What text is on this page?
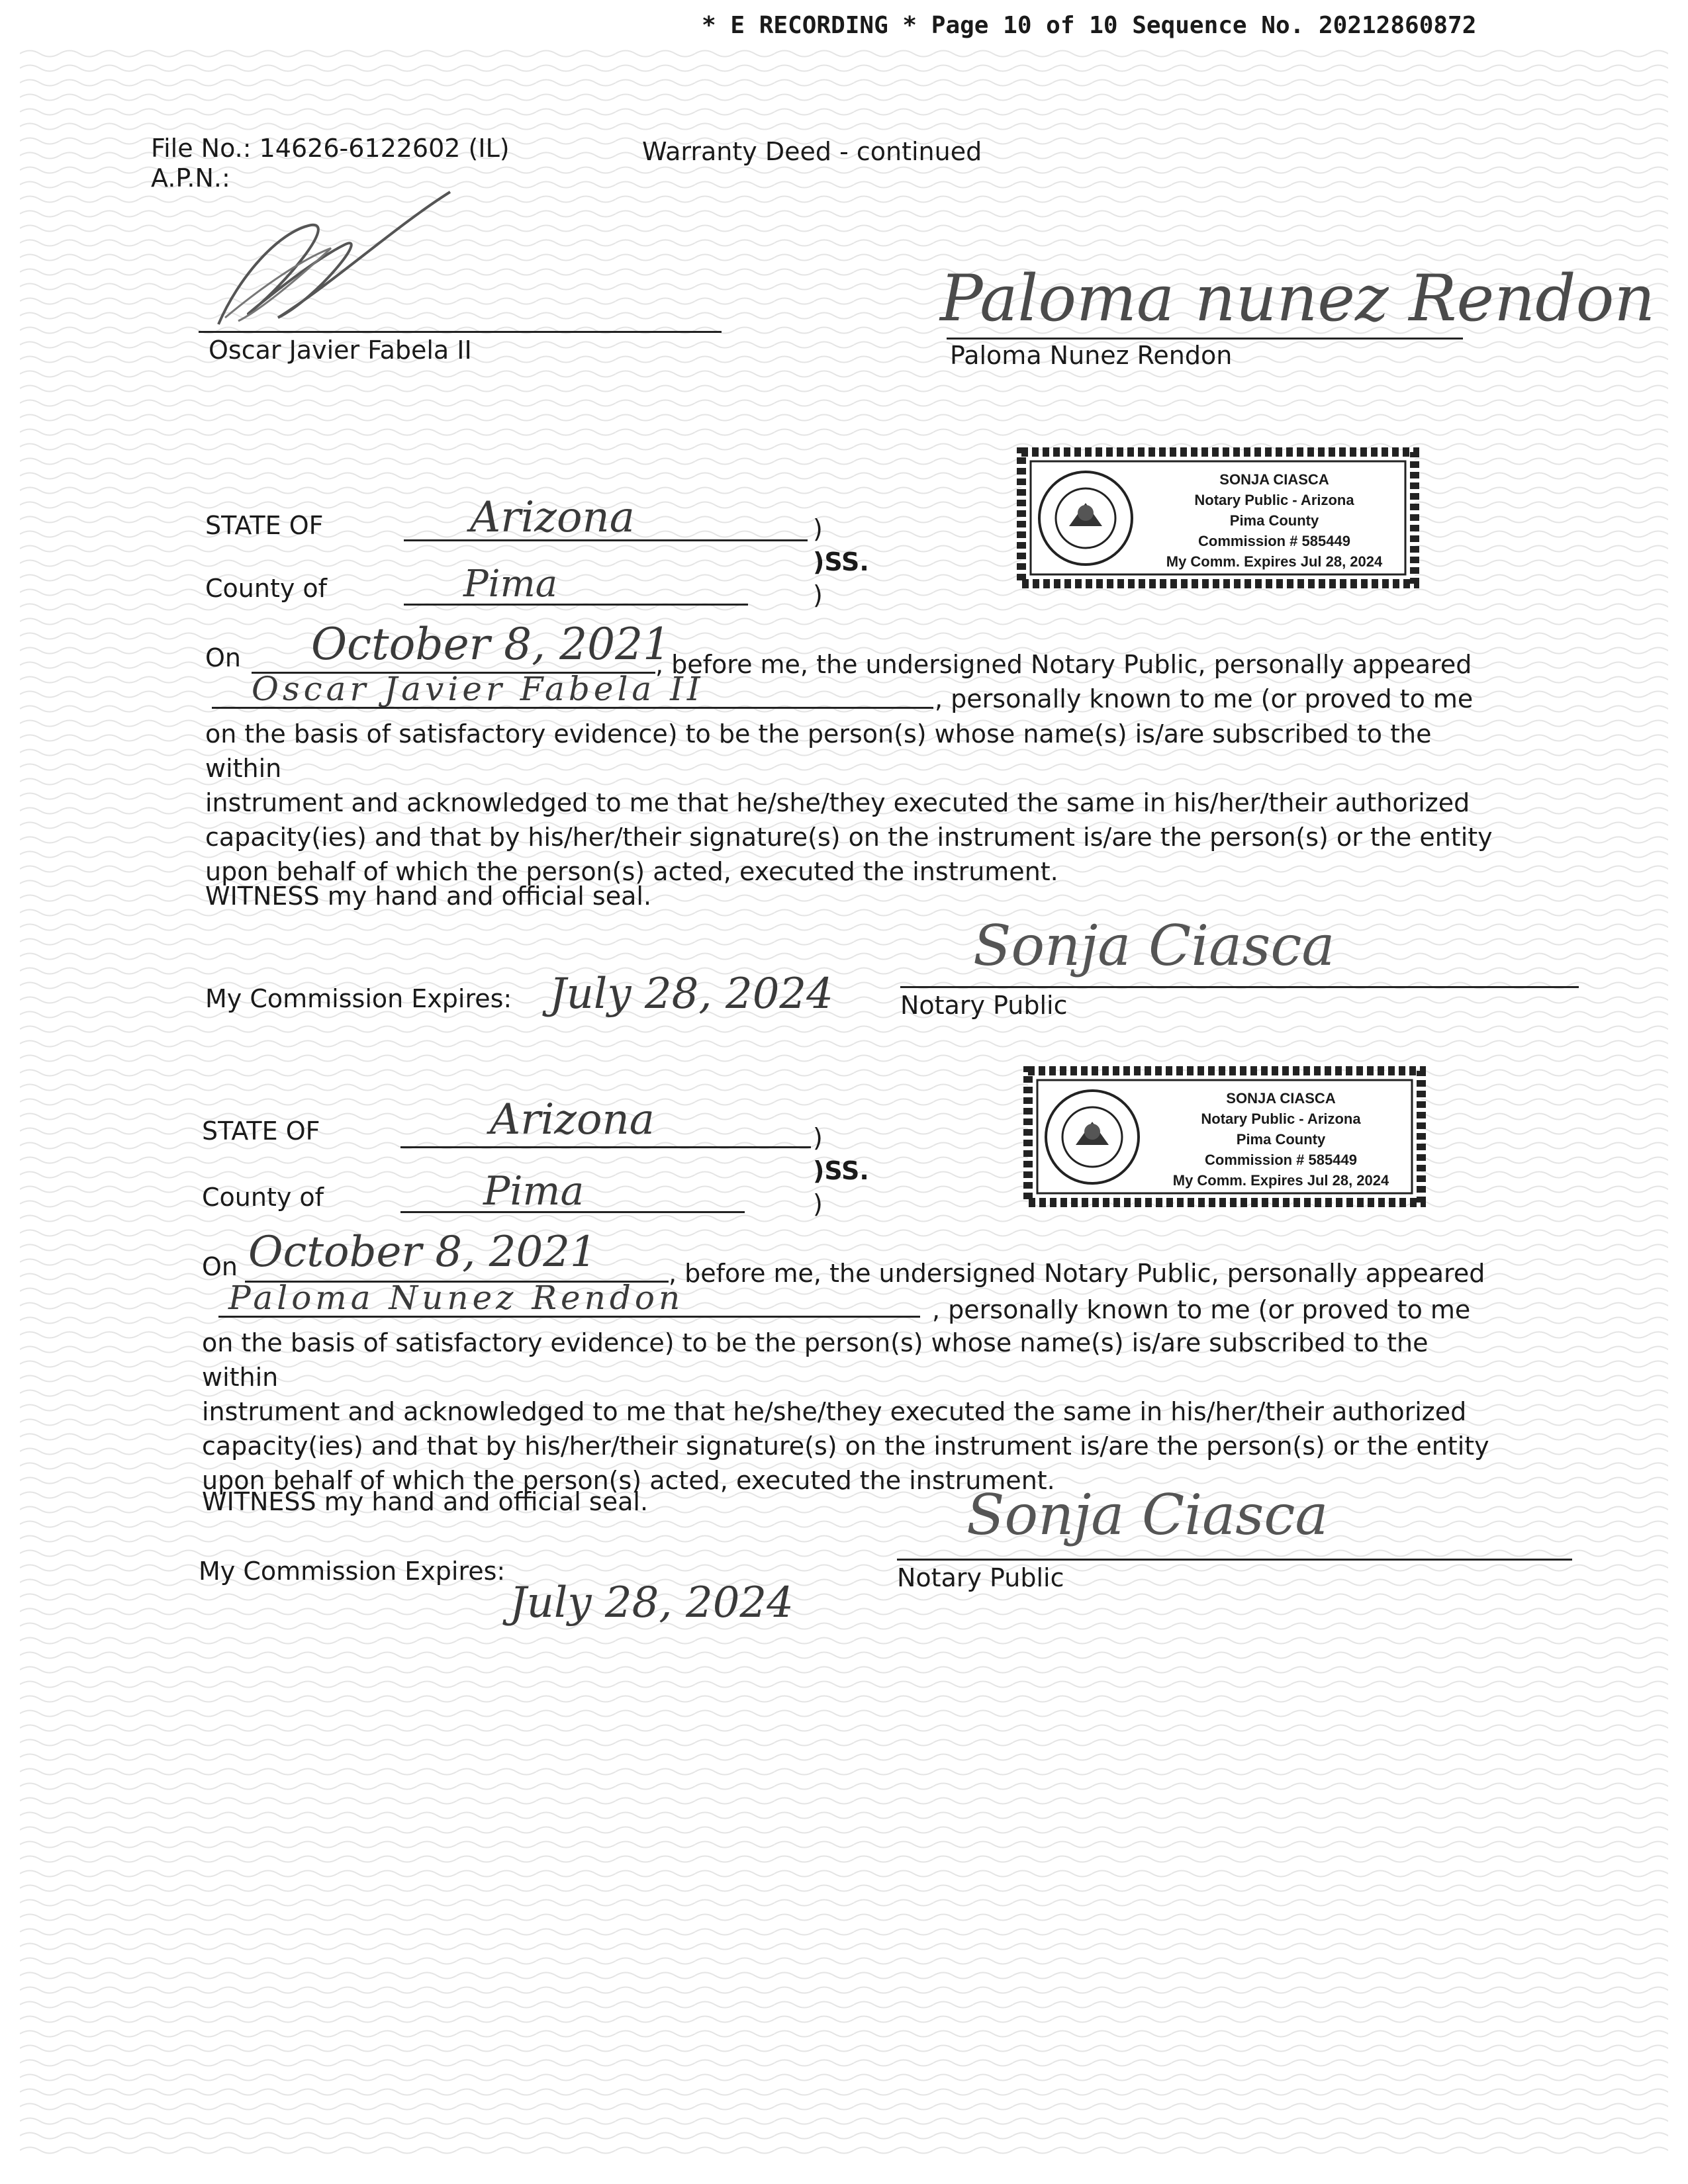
* E RECORDING * Page 10 of 10 Sequence No. 20212860872
File No.: 14626-6122602 (IL)	Warranty Deed - continued
A.P.N.:
Oscar Javier Fabela II
Paloma nunez Rendon
Paloma Nunez Rendon
STATE OF	Arizona	)
)SS.
County of	Pima	)
On October 8, 2021
, before me, the undersigned Notary Public, personally appeared
Oscar Javier Fabela II	, personally known to me (or proved to me
on the basis of satisfactory evidence) to be the person(s) whose name(s) is/are subscribed to the within
instrument and acknowledged to me that he/she/they executed the same in his/her/their authorized
capacity(ies) and that by his/her/their signature(s) on the instrument is/are the person(s) or the entity
upon behalf of which the person(s) acted, executed the instrument.
WITNESS my hand and official seal.
My Commission Expires: July 28, 2024
Sonja Ciasca
Notary Public
SONJA CIASCA
Notary Public - Arizona
Pima County
Commission # 585449
My Comm. Expires Jul 28, 2024
STATE OF	Arizona	)
)SS.
County of	Pima	)
On October 8, 2021	, before me, the undersigned Notary Public, personally appeared
Paloma Nunez Rendon	, personally known to me (or proved to me
on the basis of satisfactory evidence) to be the person(s) whose name(s) is/are subscribed to the within
instrument and acknowledged to me that he/she/they executed the same in his/her/their authorized
capacity(ies) and that by his/her/their signature(s) on the instrument is/are the person(s) or the entity
upon behalf of which the person(s) acted, executed the instrument.
WITNESS my hand and official seal.
My Commission Expires:
July 28, 2024
Sonja Ciasca
Notary Public
SONJA CIASCA
Notary Public - Arizona
Pima County
Commission # 585449
My Comm. Expires Jul 28, 2024
